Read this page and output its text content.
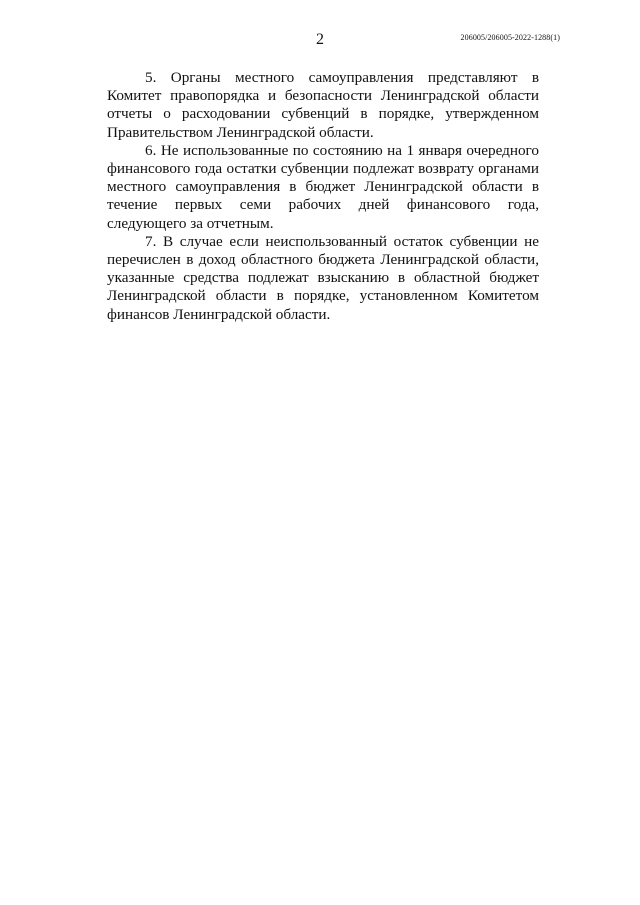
2	206005/206005-2022-1288(1)

5. Органы местного самоуправления представляют в Комитет правопорядка и безопасности Ленинградской области отчеты о расходовании субвенций в порядке, утвержденном Правительством Ленинградской области.

6. Не использованные по состоянию на 1 января очередного финансового года остатки субвенции подлежат возврату органами местного самоуправления в бюджет Ленинградской области в течение первых семи рабочих дней финансового года, следующего за отчетным.

7. В случае если неиспользованный остаток субвенции не перечислен в доход областного бюджета Ленинградской области, указанные средства подлежат взысканию в областной бюджет Ленинградской области в порядке, установленном Комитетом финансов Ленинградской области.
